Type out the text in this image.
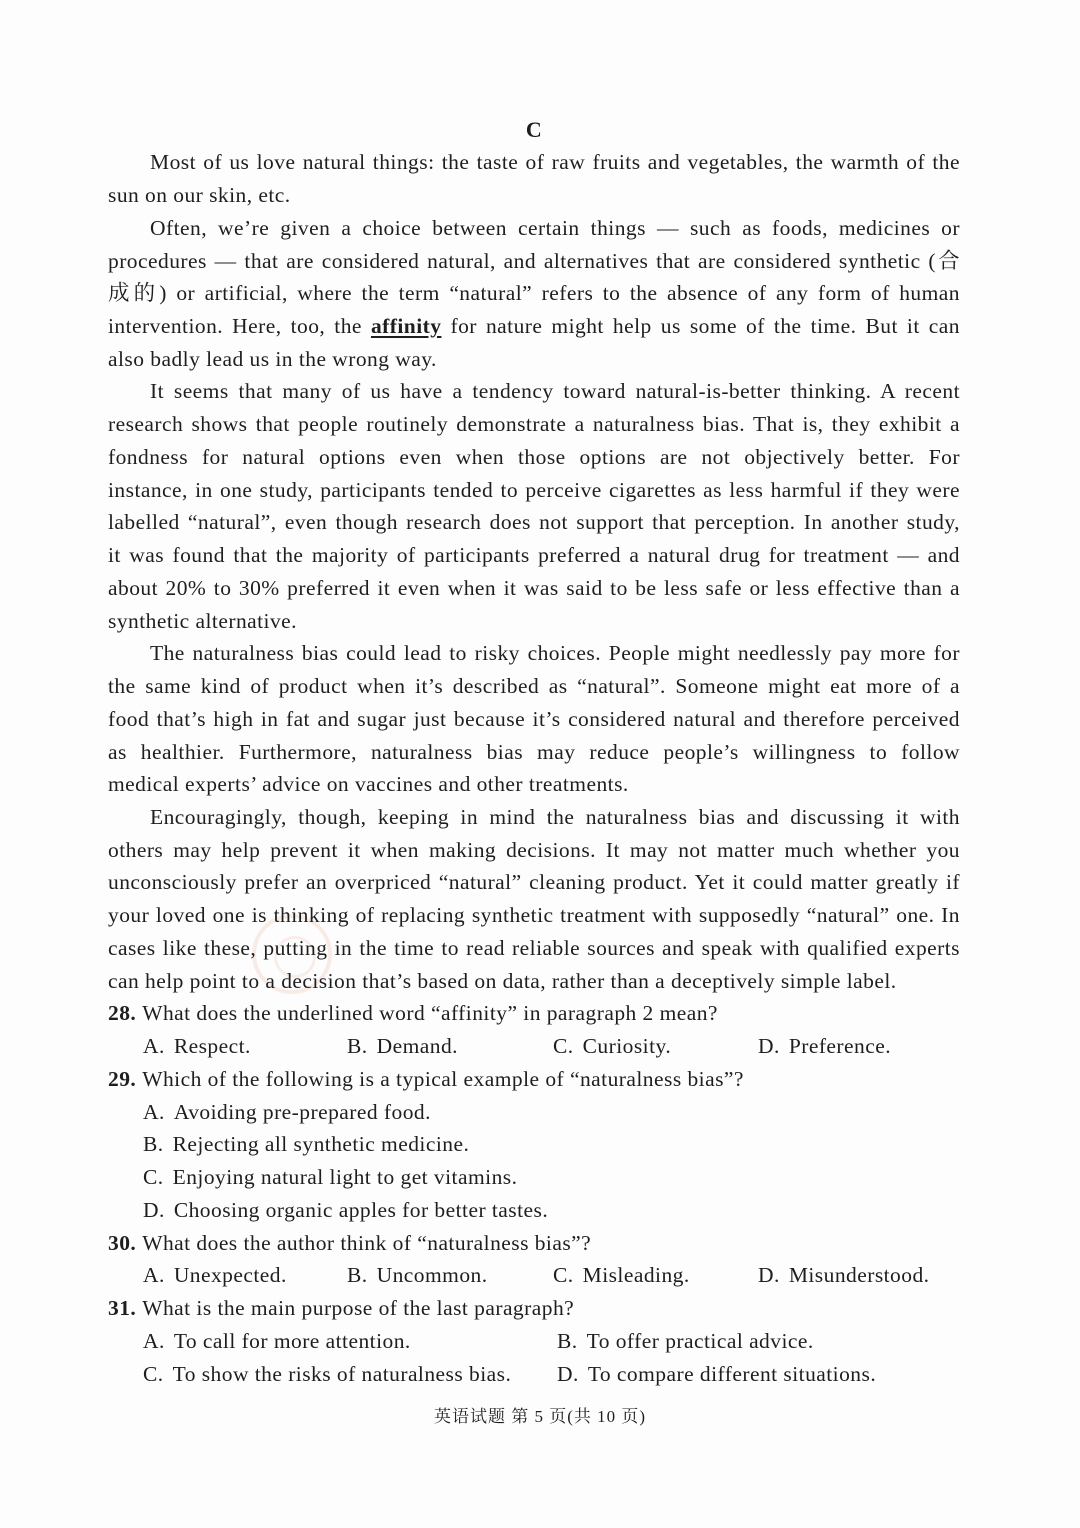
C
Most of us love natural things: the taste of raw fruits and vegetables, the warmth of the
sun on our skin, etc.
Often, we’re given a choice between certain things — such as foods, medicines or
procedures — that are considered natural, and alternatives that are considered synthetic (合
成的) or artificial, where the term “natural” refers to the absence of any form of human
intervention. Here, too, the affinity for nature might help us some of the time. But it can
also badly lead us in the wrong way.
It seems that many of us have a tendency toward natural-is-better thinking. A recent
research shows that people routinely demonstrate a naturalness bias. That is, they exhibit a
fondness for natural options even when those options are not objectively better. For
instance, in one study, participants tended to perceive cigarettes as less harmful if they were
labelled “natural”, even though research does not support that perception. In another study,
it was found that the majority of participants preferred a natural drug for treatment — and
about 20% to 30% preferred it even when it was said to be less safe or less effective than a
synthetic alternative.
The naturalness bias could lead to risky choices. People might needlessly pay more for
the same kind of product when it’s described as “natural”. Someone might eat more of a
food that’s high in fat and sugar just because it’s considered natural and therefore perceived
as healthier. Furthermore, naturalness bias may reduce people’s willingness to follow
medical experts’ advice on vaccines and other treatments.
Encouragingly, though, keeping in mind the naturalness bias and discussing it with
others may help prevent it when making decisions. It may not matter much whether you
unconsciously prefer an overpriced “natural” cleaning product. Yet it could matter greatly if
your loved one is thinking of replacing synthetic treatment with supposedly “natural” one. In
cases like these, putting in the time to read reliable sources and speak with qualified experts
can help point to a decision that’s based on data, rather than a deceptively simple label.
28. What does the underlined word “affinity” in paragraph 2 mean?
A. Respect.	B. Demand.	C. Curiosity.	D. Preference.
29. Which of the following is a typical example of “naturalness bias”?
A. Avoiding pre-prepared food.
B. Rejecting all synthetic medicine.
C. Enjoying natural light to get vitamins.
D. Choosing organic apples for better tastes.
30. What does the author think of “naturalness bias”?
A. Unexpected.	B. Uncommon.	C. Misleading.	D. Misunderstood.
31. What is the main purpose of the last paragraph?
A. To call for more attention.	B. To offer practical advice.
C. To show the risks of naturalness bias.	D. To compare different situations.
英语试题 第 5 页(共 10 页)
